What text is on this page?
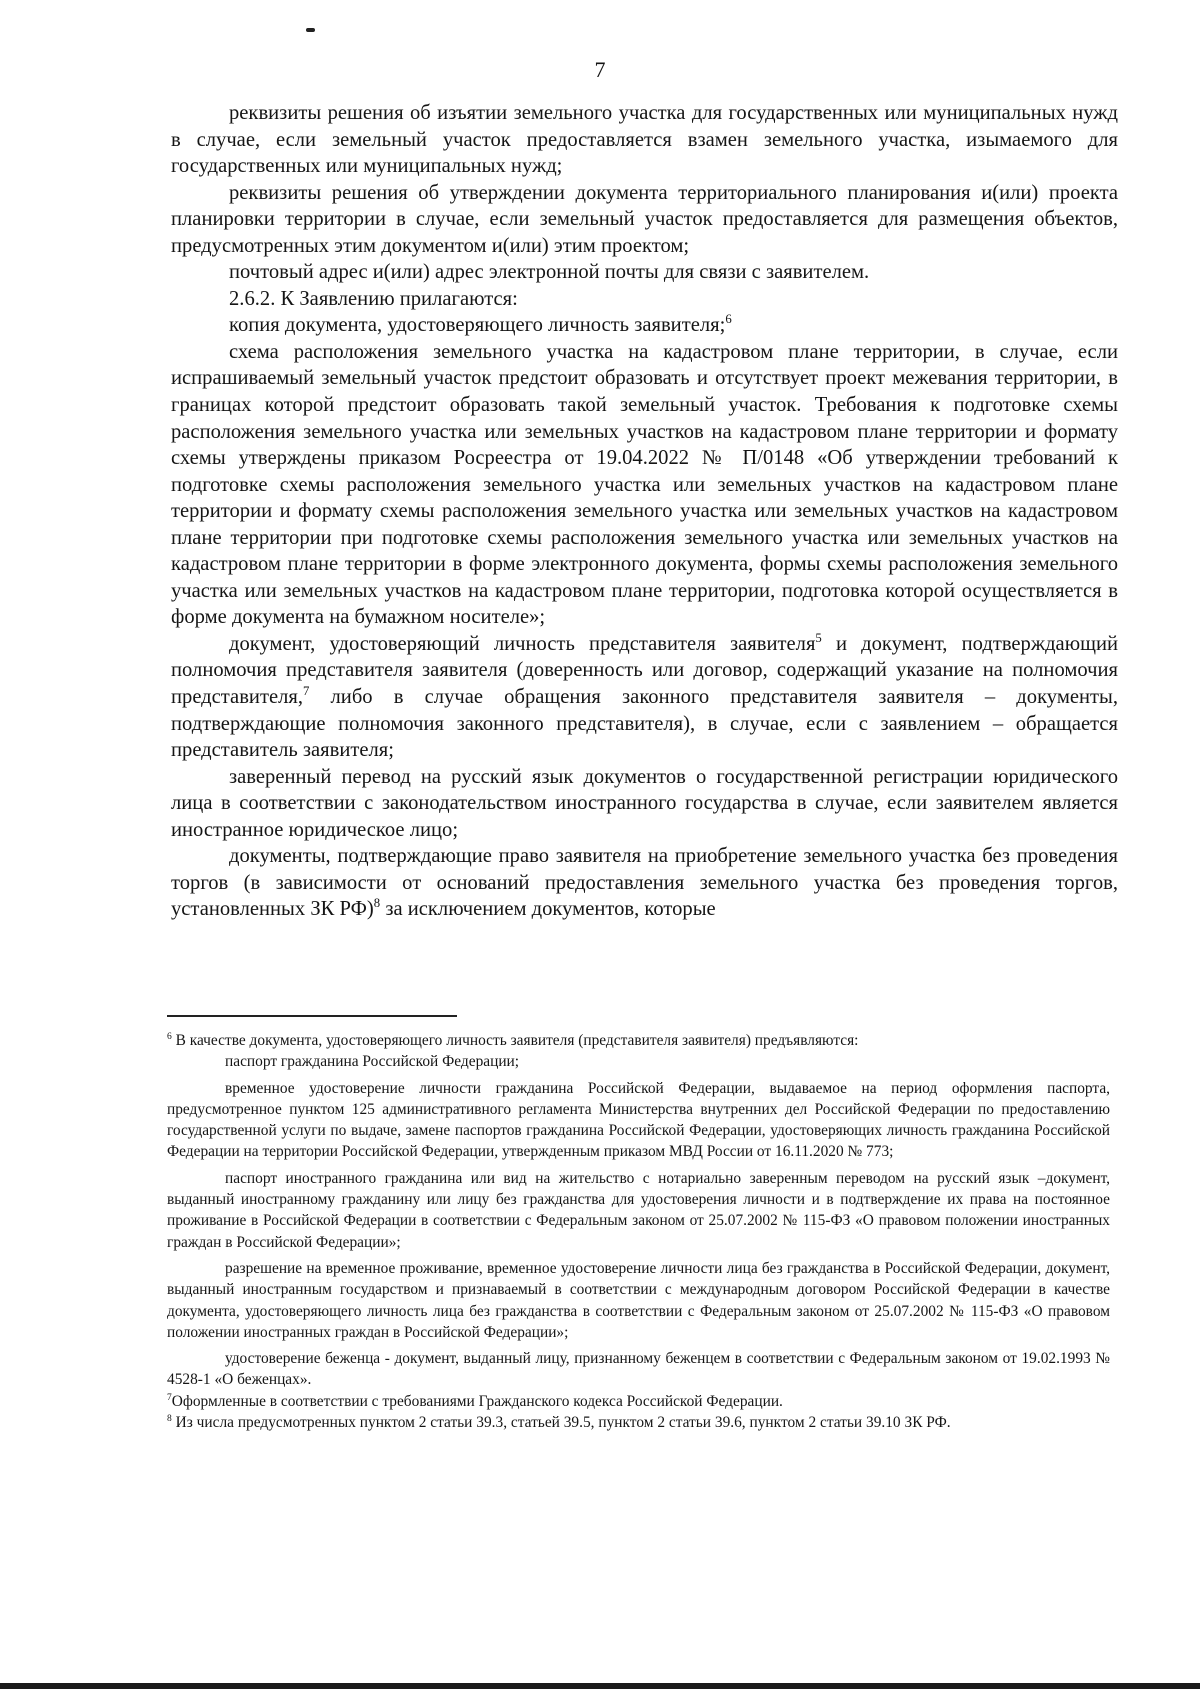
7

реквизиты решения об изъятии земельного участка для государственных или муниципальных нужд в случае, если земельный участок предоставляется взамен земельного участка, изымаемого для государственных или муниципальных нужд;

реквизиты решения об утверждении документа территориального планирования и(или) проекта планировки территории в случае, если земельный участок предоставляется для размещения объектов, предусмотренных этим документом и(или) этим проектом;

почтовый адрес и(или) адрес электронной почты для связи с заявителем.

2.6.2. К Заявлению прилагаются:

копия документа, удостоверяющего личность заявителя;$^6$

схема расположения земельного участка на кадастровом плане территории, в случае, если испрашиваемый земельный участок предстоит образовать и отсутствует проект межевания территории, в границах которой предстоит образовать такой земельный участок. Требования к подготовке схемы расположения земельного участка или земельных участков на кадастровом плане территории и формату схемы утверждены приказом Росреестра от 19.04.2022 № П/0148 «Об утверждении требований к подготовке схемы расположения земельного участка или земельных участков на кадастровом плане территории и формату схемы расположения земельного участка или земельных участков на кадастровом плане территории при подготовке схемы расположения земельного участка или земельных участков на кадастровом плане территории в форме электронного документа, формы схемы расположения земельного участка или земельных участков на кадастровом плане территории, подготовка которой осуществляется в форме документа на бумажном носителе»;

документ, удостоверяющий личность представителя заявителя$^5$ и документ, подтверждающий полномочия представителя заявителя (доверенность или договор, содержащий указание на полномочия представителя,$^7$ либо в случае обращения законного представителя заявителя – документы, подтверждающие полномочия законного представителя), в случае, если с заявлением – обращается представитель заявителя;

заверенный перевод на русский язык документов о государственной регистрации юридического лица в соответствии с законодательством иностранного государства в случае, если заявителем является иностранное юридическое лицо;

документы, подтверждающие право заявителя на приобретение земельного участка без проведения торгов (в зависимости от оснований предоставления земельного участка без проведения торгов, установленных ЗК РФ)$^8$ за исключением документов, которые

$^6$ В качестве документа, удостоверяющего личность заявителя (представителя заявителя) предъявляются:

паспорт гражданина Российской Федерации;

временное удостоверение личности гражданина Российской Федерации, выдаваемое на период оформления паспорта, предусмотренное пунктом 125 административного регламента Министерства внутренних дел Российской Федерации по предоставлению государственной услуги по выдаче, замене паспортов гражданина Российской Федерации, удостоверяющих личность гражданина Российской Федерации на территории Российской Федерации, утвержденным приказом МВД России от 16.11.2020 № 773;

паспорт иностранного гражданина или вид на жительство с нотариально заверенным переводом на русский язык –документ, выданный иностранному гражданину или лицу без гражданства для удостоверения личности и в подтверждение их права на постоянное проживание в Российской Федерации в соответствии с Федеральным законом от 25.07.2002 № 115-ФЗ «О правовом положении иностранных граждан в Российской Федерации»;

разрешение на временное проживание, временное удостоверение личности лица без гражданства в Российской Федерации, документ, выданный иностранным государством и признаваемый в соответствии с международным договором Российской Федерации в качестве документа, удостоверяющего личность лица без гражданства в соответствии с Федеральным законом от 25.07.2002 № 115-ФЗ «О правовом положении иностранных граждан в Российской Федерации»;

удостоверение беженца - документ, выданный лицу, признанному беженцем в соответствии с Федеральным законом от 19.02.1993 № 4528-1 «О беженцах».

$^7$Оформленные в соответствии с требованиями Гражданского кодекса Российской Федерации.

$^8$ Из числа предусмотренных пунктом 2 статьи 39.3, статьей 39.5, пунктом 2 статьи 39.6, пунктом 2 статьи 39.10 ЗК РФ.
